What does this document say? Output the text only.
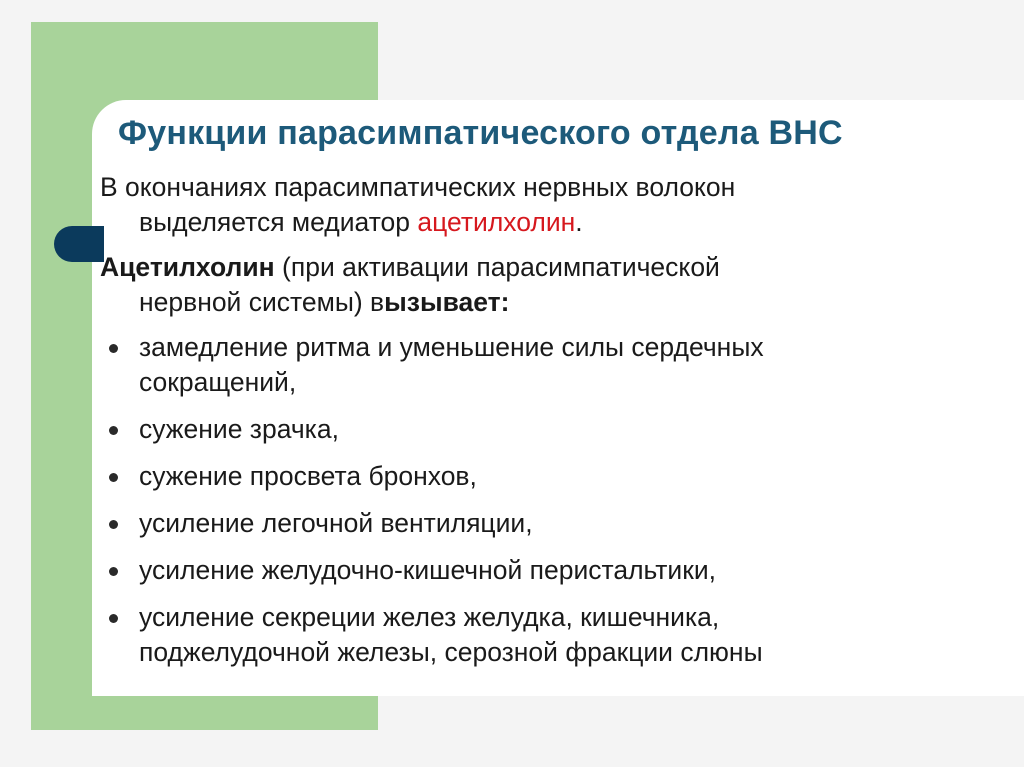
Функции парасимпатического отдела ВНС

В окончаниях парасимпатических нервных волокон
выделяется медиатор ацетилхолин.

Ацетилхолин (при активации парасимпатической
нервной системы) вызывает:

замедление ритма и уменьшение силы сердечных
сокращений,
сужение зрачка,
сужение просвета бронхов,
усиление легочной вентиляции,
усиление желудочно-кишечной перистальтики,
усиление секреции желез желудка, кишечника,
поджелудочной железы, серозной фракции слюны
